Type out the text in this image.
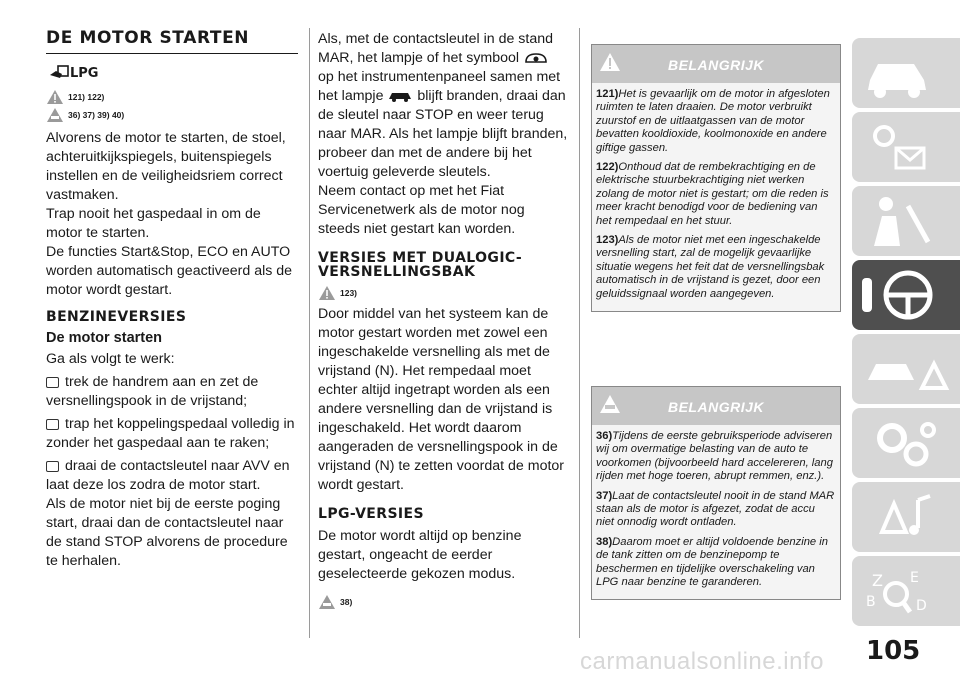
DE MOTOR STARTEN
LPG
121) 122)
36) 37) 39) 40)

Alvorens de motor te starten, de stoel, achteruitkijkspiegels, buitenspiegels instellen en de veiligheidsriem correct vastmaken.

Trap nooit het gaspedaal in om de motor te starten.

De functies Start&Stop, ECO en AUTO worden automatisch geactiveerd als de motor wordt gestart.

BENZINEVERSIES
De motor starten

Ga als volgt te werk:

trek de handrem aan en zet de versnellingspook in de vrijstand;

trap het koppelingspedaal volledig in zonder het gaspedaal aan te raken;

draai de contactsleutel naar AVV en laat deze los zodra de motor start.

Als de motor niet bij de eerste poging start, draai dan de contactsleutel naar de stand STOP alvorens de procedure te herhalen.

Als, met de contactsleutel in de stand MAR, het lampje of het symbool  op het instrumentenpaneel samen met het lampje blijft branden, draai dan de sleutel naar STOP en weer terug naar MAR. Als het lampje blijft branden, probeer dan met de andere bij het voertuig geleverde sleutels.

Neem contact op met het Fiat Servicenetwerk als de motor nog steeds niet gestart kan worden.

VERSIES MET DUALOGIC-VERSNELLINGSBAK
123)

Door middel van het systeem kan de motor gestart worden met zowel een ingeschakelde versnelling als met de vrijstand (N). Het rempedaal moet echter altijd ingetrapt worden als een andere versnelling dan de vrijstand is ingeschakeld. Het wordt daarom aangeraden de versnellingspook in de vrijstand (N) te zetten voordat de motor wordt gestart.

LPG-VERSIES

De motor wordt altijd op benzine gestart, ongeacht de eerder geselecteerde gekozen modus.

38)
BELANGRIJK

121)Het is gevaarlijk om de motor in afgesloten ruimten te laten draaien. De motor verbruikt zuurstof en de uitlaatgassen van de motor bevatten kooldioxide, koolmonoxide en andere giftige gassen.

122)Onthoud dat de rembekrachtiging en de elektrische stuurbekrachtiging niet werken zolang de motor niet is gestart; om die reden is meer kracht benodigd voor de bediening van het rempedaal en het stuur.

123)Als de motor niet met een ingeschakelde versnelling start, zal de mogelijk gevaarlijke situatie wegens het feit dat de versnellingsbak automatisch in de vrijstand is gezet, door een geluidssignaal worden aangegeven.

BELANGRIJK

36)Tijdens de eerste gebruiksperiode adviseren wij om overmatige belasting van de auto te voorkomen (bijvoorbeeld hard accelereren, lang rijden met hoge toeren, abrupt remmen, enz.).

37)Laat de contactsleutel nooit in de stand MAR staan als de motor is afgezet, zodat de accu niet onnodig wordt ontladen.

38)Daarom moet er altijd voldoende benzine in de tank zitten om de benzinepomp te beschermen en tijdelijke overschakeling van LPG naar benzine te garanderen.	Z E
B	D
105
carmanualsonline.info
